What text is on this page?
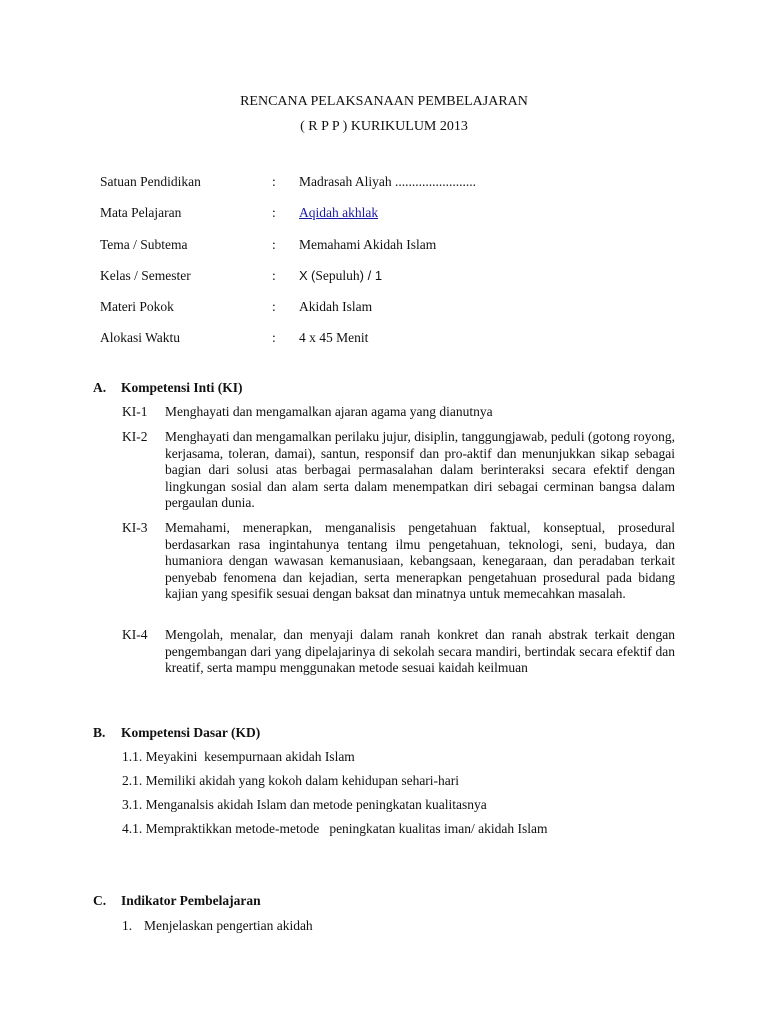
RENCANA PELAKSANAAN PEMBELAJARAN
( R P P ) KURIKULUM 2013
Satuan Pendidikan	:	Madrasah Aliyah ........................
Mata Pelajaran	:	Aqidah akhlak
Tema / Subtema	:	Memahami Akidah Islam
Kelas / Semester	:	X (Sepuluh) / 1
Materi Pokok	:	Akidah Islam
Alokasi Waktu	:	4 x 45 Menit
A.	Kompetensi Inti (KI)
KI-1	Menghayati dan mengamalkan ajaran agama yang dianutnya
KI-2	Menghayati dan mengamalkan perilaku jujur, disiplin, tanggungjawab, peduli (gotong royong, kerjasama, toleran, damai), santun, responsif dan pro-aktif dan menunjukkan sikap sebagai bagian dari solusi atas berbagai permasalahan dalam berinteraksi secara efektif dengan lingkungan sosial dan alam serta dalam menempatkan diri sebagai cerminan bangsa dalam pergaulan dunia.
KI-3	Memahami, menerapkan, menganalisis pengetahuan faktual, konseptual, prosedural berdasarkan rasa ingintahunya tentang ilmu pengetahuan, teknologi, seni, budaya, dan humaniora dengan wawasan kemanusiaan, kebangsaan, kenegaraan, dan peradaban terkait penyebab fenomena dan kejadian, serta menerapkan pengetahuan prosedural pada bidang kajian yang spesifik sesuai dengan baksat dan minatnya untuk memecahkan masalah.
KI-4	Mengolah, menalar, dan menyaji dalam ranah konkret dan ranah abstrak terkait dengan pengembangan dari yang dipelajarinya di sekolah secara mandiri, bertindak secara efektif dan kreatif, serta mampu menggunakan metode sesuai kaidah keilmuan
B.	Kompetensi Dasar (KD)
1.1. Meyakini  kesempurnaan akidah Islam
2.1. Memiliki akidah yang kokoh dalam kehidupan sehari-hari
3.1. Menganalsis akidah Islam dan metode peningkatan kualitasnya
4.1. Mempraktikkan metode-metode   peningkatan kualitas iman/ akidah Islam
C.	Indikator Pembelajaran
1. Menjelaskan pengertian akidah
